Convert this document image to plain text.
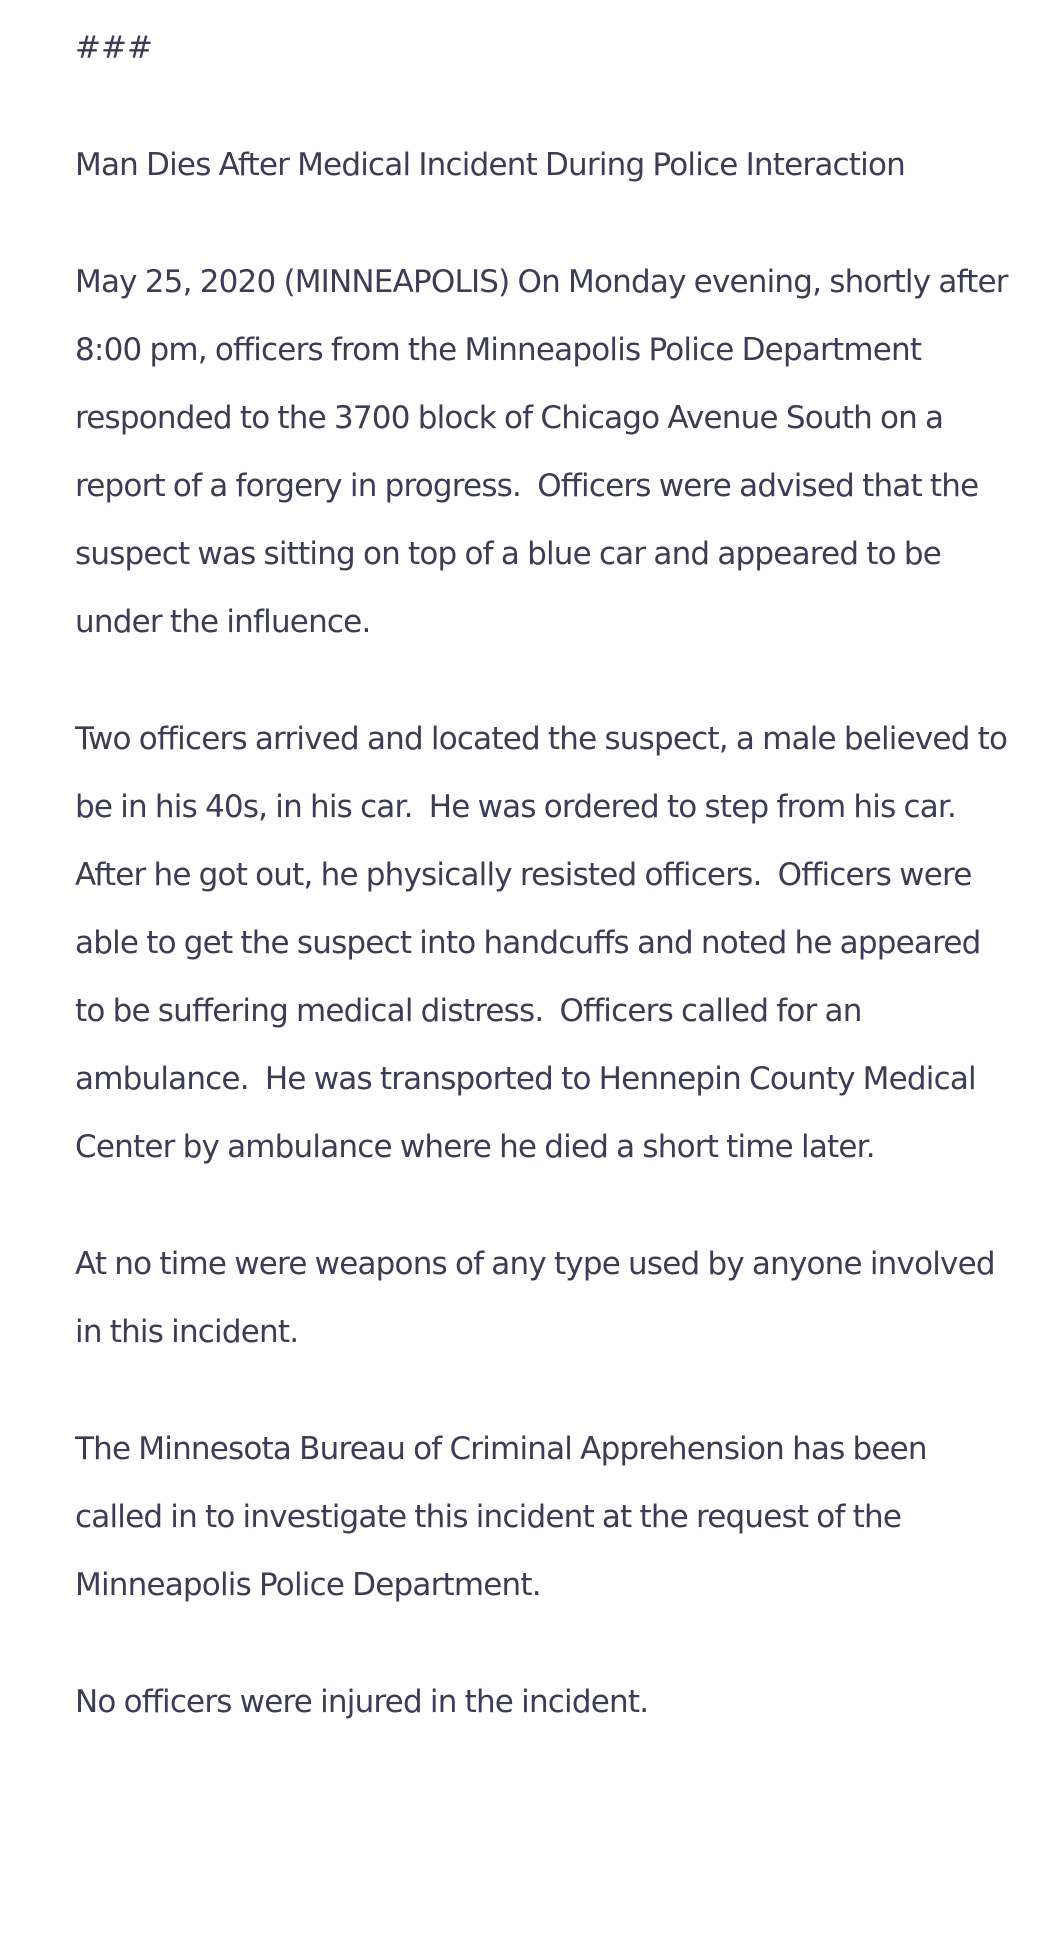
###

Man Dies After Medical Incident During Police Interaction

May 25, 2020 (MINNEAPOLIS) On Monday evening, shortly after 8:00 pm, officers from the Minneapolis Police Department responded to the 3700 block of Chicago Avenue South on a report of a forgery in progress.  Officers were advised that the suspect was sitting on top of a blue car and appeared to be under the influence.

Two officers arrived and located the suspect, a male believed to be in his 40s, in his car.  He was ordered to step from his car.  After he got out, he physically resisted officers.  Officers were able to get the suspect into handcuffs and noted he appeared to be suffering medical distress.  Officers called for an ambulance.  He was transported to Hennepin County Medical Center by ambulance where he died a short time later.

At no time were weapons of any type used by anyone involved in this incident.

The Minnesota Bureau of Criminal Apprehension has been called in to investigate this incident at the request of the Minneapolis Police Department.

No officers were injured in the incident.
